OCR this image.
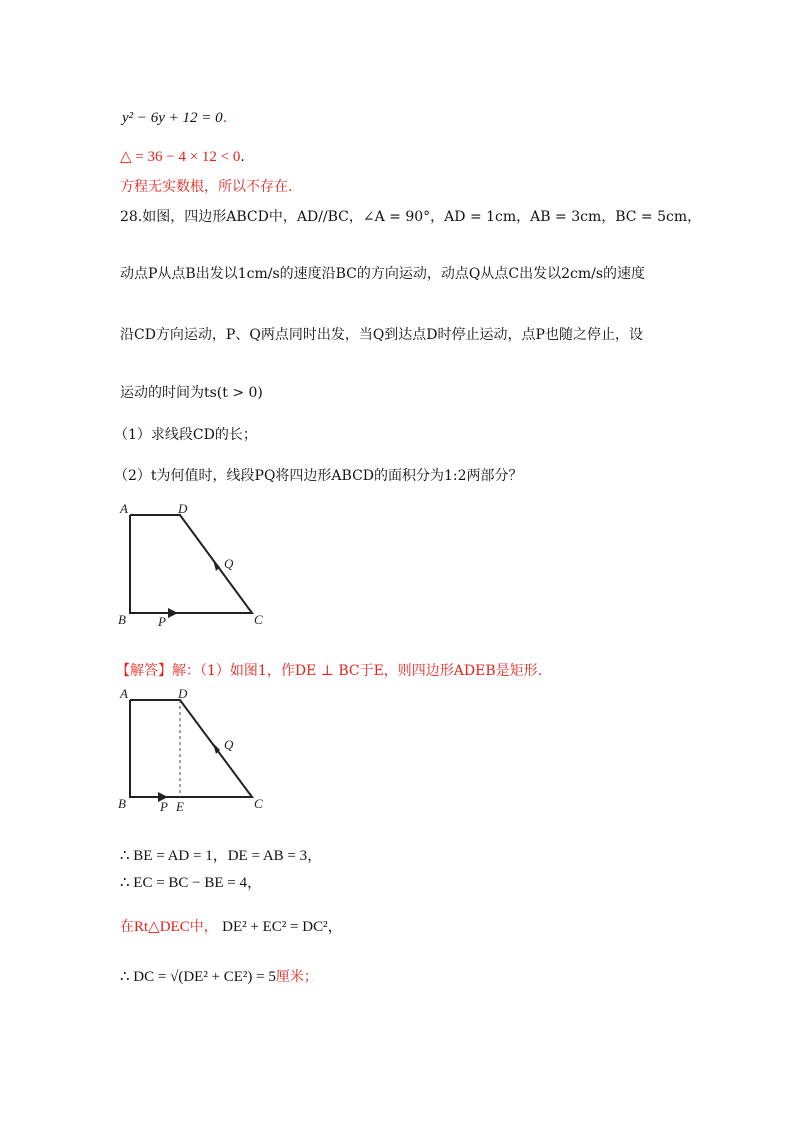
y² − 6y + 12 = 0.
△ = 36 − 4 × 12 < 0.
方程无实数根，所以不存在.
28.如图，四边形ABCD中，AD//BC，∠A = 90°，AD = 1cm，AB = 3cm，BC = 5cm，
动点P从点B出发以1cm/s的速度沿BC的方向运动，动点Q从点C出发以2cm/s的速度
沿CD方向运动，P、Q两点同时出发，当Q到达点D时停止运动，点P也随之停止，设
运动的时间为ts(t > 0)
（1）求线段CD的长；
（2）t为何值时，线段PQ将四边形ABCD的面积分为1:2两部分？
A	D
Q
B P	C
【解答】解：（1）如图1，作DE ⊥ BC于E，则四边形ADEB是矩形.
A	D
Q
B	P E	C
∴ BE = AD = 1，DE = AB = 3，
∴ EC = BC − BE = 4，
在Rt△DEC中， DE² + EC² = DC²，
∴ DC = √(DE² + CE²) = 5厘米；
